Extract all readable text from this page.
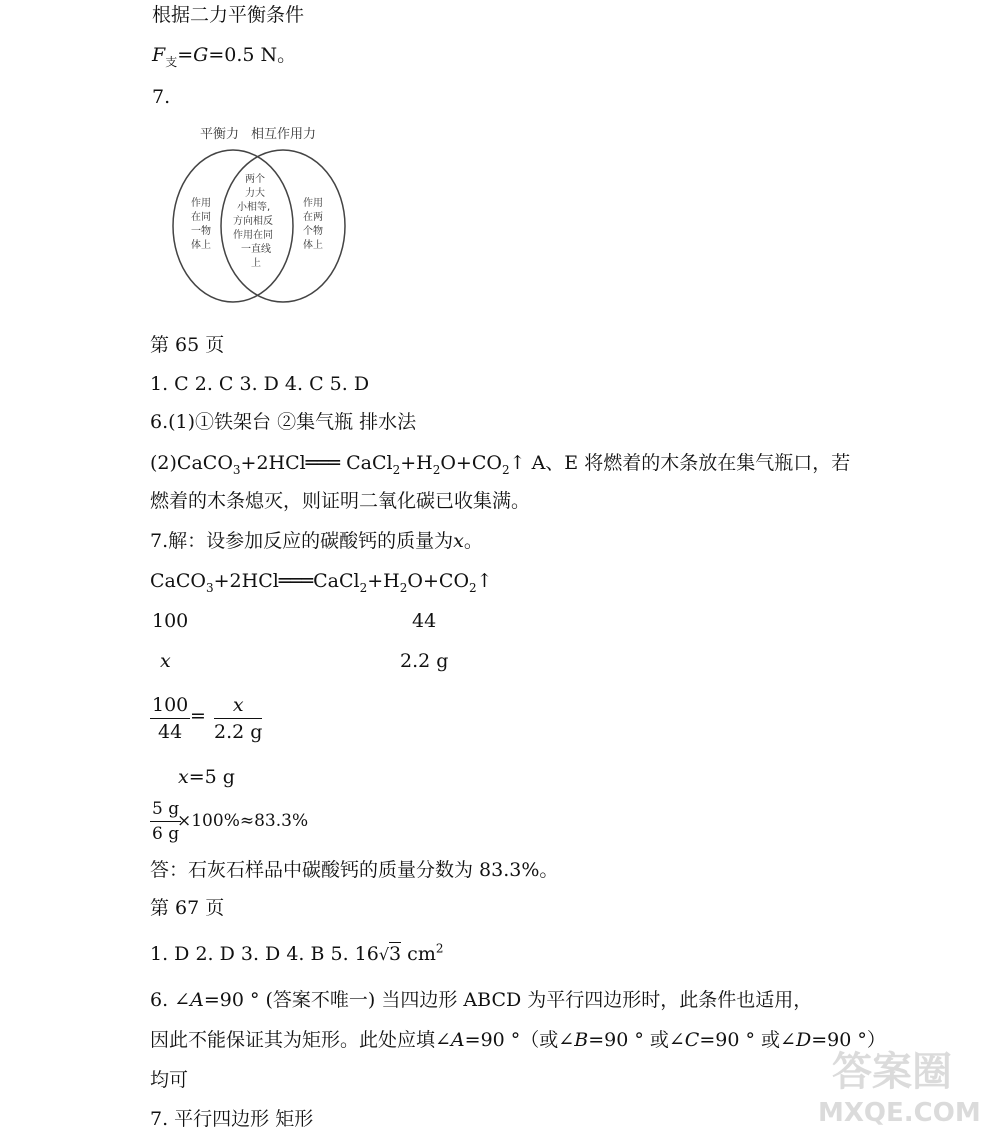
根据二力平衡条件
$F_支=G=0.5$ N。
7.
平衡力 相互作用力
作用
在同
一物
体上
两个
力大
小相等,
方向相反
作用在同
一直线
上
作用
在两
个物
体上
第 65 页
1. C 2. C 3. D 4. C 5. D
6.(1)①铁架台 ②集气瓶 排水法
(2)CaCO$_3$+2HCl═══ $CaCl_2+H_2O+CO_2↑$ A、E 将燃着的木条放在集气瓶口，若
燃着的木条熄灭，则证明二氧化碳已收集满。
7.解：设参加反应的碳酸钙的质量为x。
$CaCO_3+2HCl═══CaCl_2+H_2O+CO_2↑$
100	44
x	2.2 g
$\frac{100}{44} = \frac{x}{2.2 g}$
x=5 g
$\frac{5 g}{6 g}$
×100%≈83.3%
答：石灰石样品中碳酸钙的质量分数为 83.3%。
第 67 页
1. D 2. D 3. D 4. B 5. 16√3 $cm^2$
6. ∠A=90 ° (答案不唯一) 当四边形 ABCD 为平行四边形时，此条件也适用，
因此不能保证其为矩形。此处应填∠A=90 °（或∠B=90 ° 或∠C=90 ° 或∠D=90 °）
均可
7. 平行四边形 矩形
答案圈
MXQE.COM
